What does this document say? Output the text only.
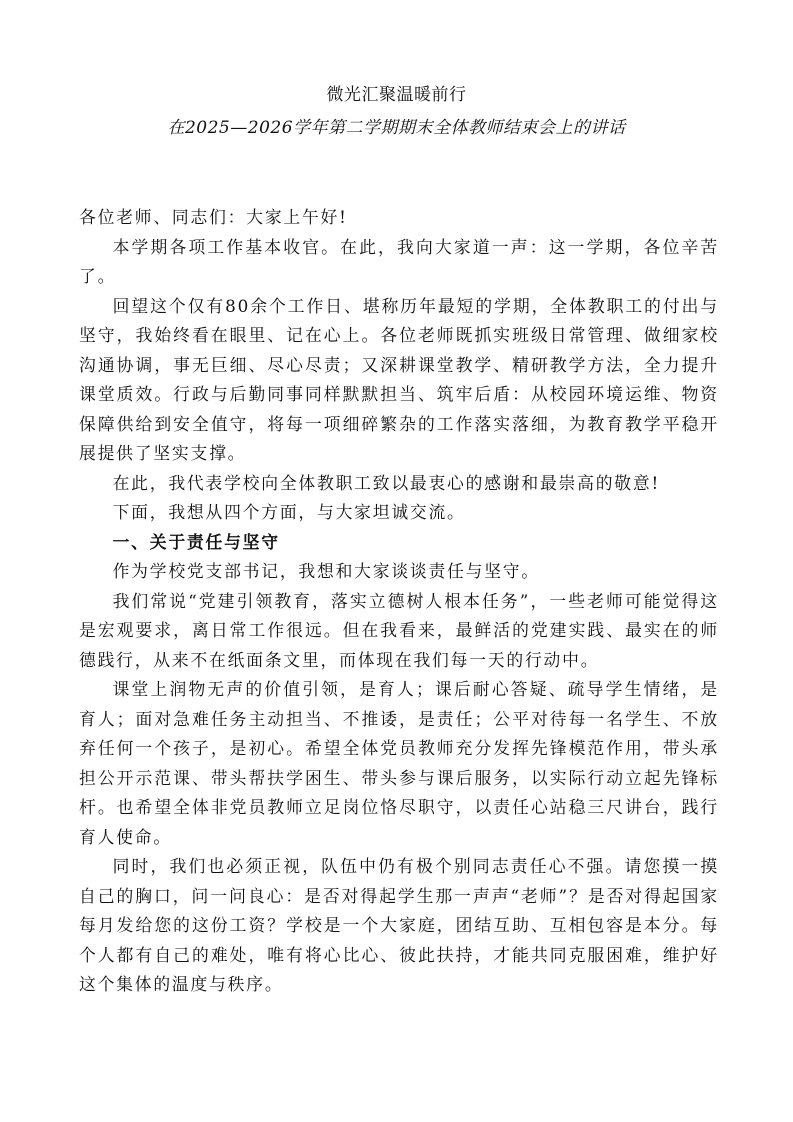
微光汇聚温暖前行
在2025—2026学年第二学期期末全体教师结束会上的讲话

各位老师、同志们：大家上午好!

本学期各项工作基本收官。在此，我向大家道一声：这一学期，各位辛苦了。

回望这个仅有80余个工作日、堪称历年最短的学期，全体教职工的付出与坚守，我始终看在眼里、记在心上。各位老师既抓实班级日常管理、做细家校沟通协调，事无巨细、尽心尽责；又深耕课堂教学、精研教学方法，全力提升课堂质效。行政与后勤同事同样默默担当、筑牢后盾：从校园环境运维、物资保障供给到安全值守，将每一项细碎繁杂的工作落实落细，为教育教学平稳开展提供了坚实支撑。

在此，我代表学校向全体教职工致以最衷心的感谢和最崇高的敬意!

下面，我想从四个方面，与大家坦诚交流。

一、关于责任与坚守

作为学校党支部书记，我想和大家谈谈责任与坚守。

我们常说“党建引领教育，落实立德树人根本任务”，一些老师可能觉得这是宏观要求，离日常工作很远。但在我看来，最鲜活的党建实践、最实在的师德践行，从来不在纸面条文里，而体现在我们每一天的行动中。

课堂上润物无声的价值引领，是育人；课后耐心答疑、疏导学生情绪，是育人；面对急难任务主动担当、不推诿，是责任；公平对待每一名学生、不放弃任何一个孩子，是初心。希望全体党员教师充分发挥先锋模范作用，带头承担公开示范课、带头帮扶学困生、带头参与课后服务，以实际行动立起先锋标杆。也希望全体非党员教师立足岗位恪尽职守，以责任心站稳三尺讲台，践行育人使命。

同时，我们也必须正视，队伍中仍有极个别同志责任心不强。请您摸一摸自己的胸口，问一问良心：是否对得起学生那一声声“老师”？是否对得起国家每月发给您的这份工资？学校是一个大家庭，团结互助、互相包容是本分。每个人都有自己的难处，唯有将心比心、彼此扶持，才能共同克服困难，维护好这个集体的温度与秩序。
